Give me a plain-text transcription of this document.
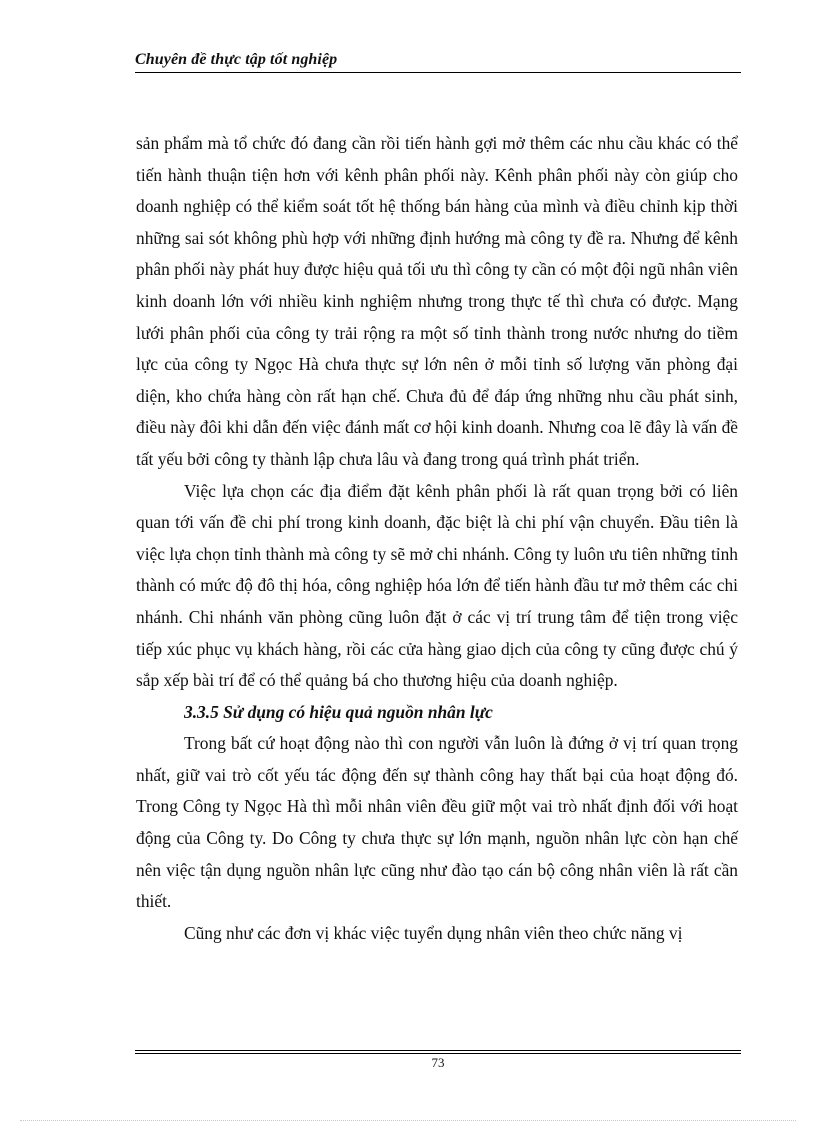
Chuyên đề thực tập tốt nghiệp

sản phẩm mà tổ chức đó đang cần rồi tiến hành gợi mở thêm các nhu cầu khác có thể tiến hành thuận tiện hơn với kênh phân phối này. Kênh phân phối này còn giúp cho doanh nghiệp có thể kiểm soát tốt hệ thống bán hàng của mình và điều chỉnh kịp thời những sai sót không phù hợp với những định hướng mà công ty đề ra. Nhưng để kênh phân phối này phát huy được hiệu quả tối ưu thì công ty cần có một đội ngũ nhân viên kinh doanh lớn với nhiều kinh nghiệm nhưng trong thực tế thì chưa có được. Mạng lưới phân phối của công ty trải rộng ra một số tỉnh thành trong nước nhưng do tiềm lực của công ty Ngọc Hà chưa thực sự lớn nên ở mỗi tỉnh số lượng văn phòng đại diện, kho chứa hàng còn rất hạn chế. Chưa đủ để đáp ứng những nhu cầu phát sinh, điều này đôi khi dẫn đến việc đánh mất cơ hội kinh doanh. Nhưng coa lẽ đây là vấn đề tất yếu bởi công ty thành lập chưa lâu và đang trong quá trình phát triển.

Việc lựa chọn các địa điểm đặt kênh phân phối là rất quan trọng bởi có liên quan tới vấn đề chi phí trong kinh doanh, đặc biệt là chi phí vận chuyển. Đầu tiên là việc lựa chọn tỉnh thành mà công ty sẽ mở chi nhánh. Công ty luôn ưu tiên những tỉnh thành có mức độ đô thị hóa, công nghiệp hóa lớn để tiến hành đầu tư mở thêm các chi nhánh. Chi nhánh văn phòng cũng luôn đặt ở các vị trí trung tâm để tiện trong việc tiếp xúc phục vụ khách hàng, rồi các cửa hàng giao dịch của công ty cũng được chú ý sắp xếp bài trí để có thể quảng bá cho thương hiệu của doanh nghiệp.

3.3.5 Sử dụng có hiệu quả nguồn nhân lực

Trong bất cứ hoạt động nào thì con người vẫn luôn là đứng ở vị trí quan trọng nhất, giữ vai trò cốt yếu tác động đến sự thành công hay thất bại của hoạt động đó. Trong Công ty Ngọc Hà thì mỗi nhân viên đều giữ một vai trò nhất định đối với hoạt động của Công ty. Do Công ty chưa thực sự lớn mạnh, nguồn nhân lực còn hạn chế nên việc tận dụng nguồn nhân lực cũng như đào tạo cán bộ công nhân viên là rất cần thiết.

Cũng như các đơn vị khác việc tuyển dụng nhân viên theo chức năng vị

73
